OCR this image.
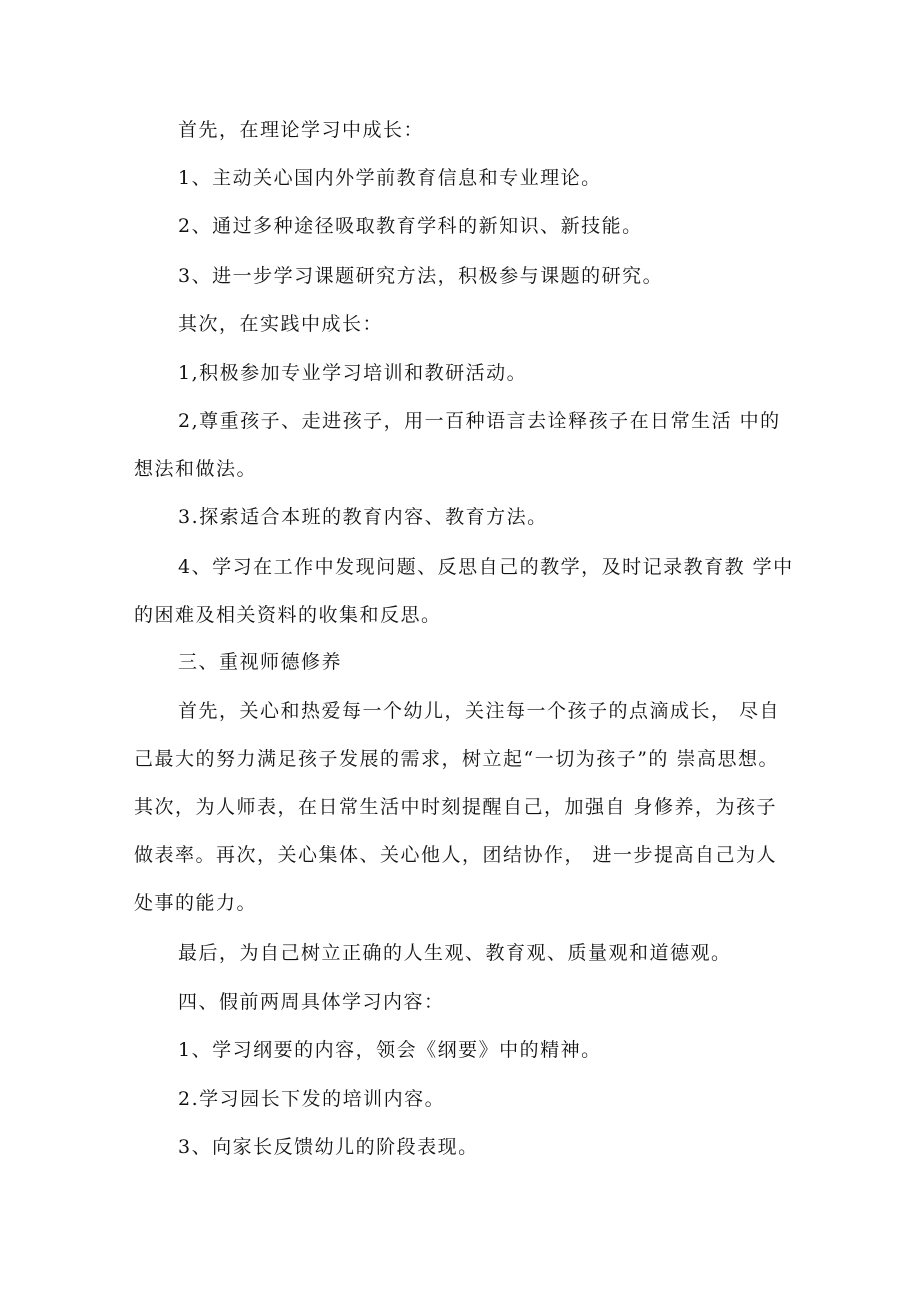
首先，在理论学习中成长：

1、主动关心国内外学前教育信息和专业理论。

2、通过多种途径吸取教育学科的新知识、新技能。

3、进一步学习课题研究方法，积极参与课题的研究。

其次，在实践中成长：

1,积极参加专业学习培训和教研活动。

2,尊重孩子、走进孩子，用一百种语言去诠释孩子在日常生活 中的想法和做法。

3.探索适合本班的教育内容、教育方法。

4、学习在工作中发现问题、反思自己的教学，及时记录教育教 学中的困难及相关资料的收集和反思。

三、重视师德修养

首先，关心和热爱每一个幼儿，关注每一个孩子的点滴成长， 尽自己最大的努力满足孩子发展的需求，树立起“一切为孩子”的 崇高思想。其次，为人师表，在日常生活中时刻提醒自己，加强自 身修养，为孩子做表率。再次，关心集体、关心他人，团结协作， 进一步提高自己为人处事的能力。

最后，为自己树立正确的人生观、教育观、质量观和道德观。

四、假前两周具体学习内容：

1、学习纲要的内容，领会《纲要》中的精神。

2.学习园长下发的培训内容。

3、向家长反馈幼儿的阶段表现。
